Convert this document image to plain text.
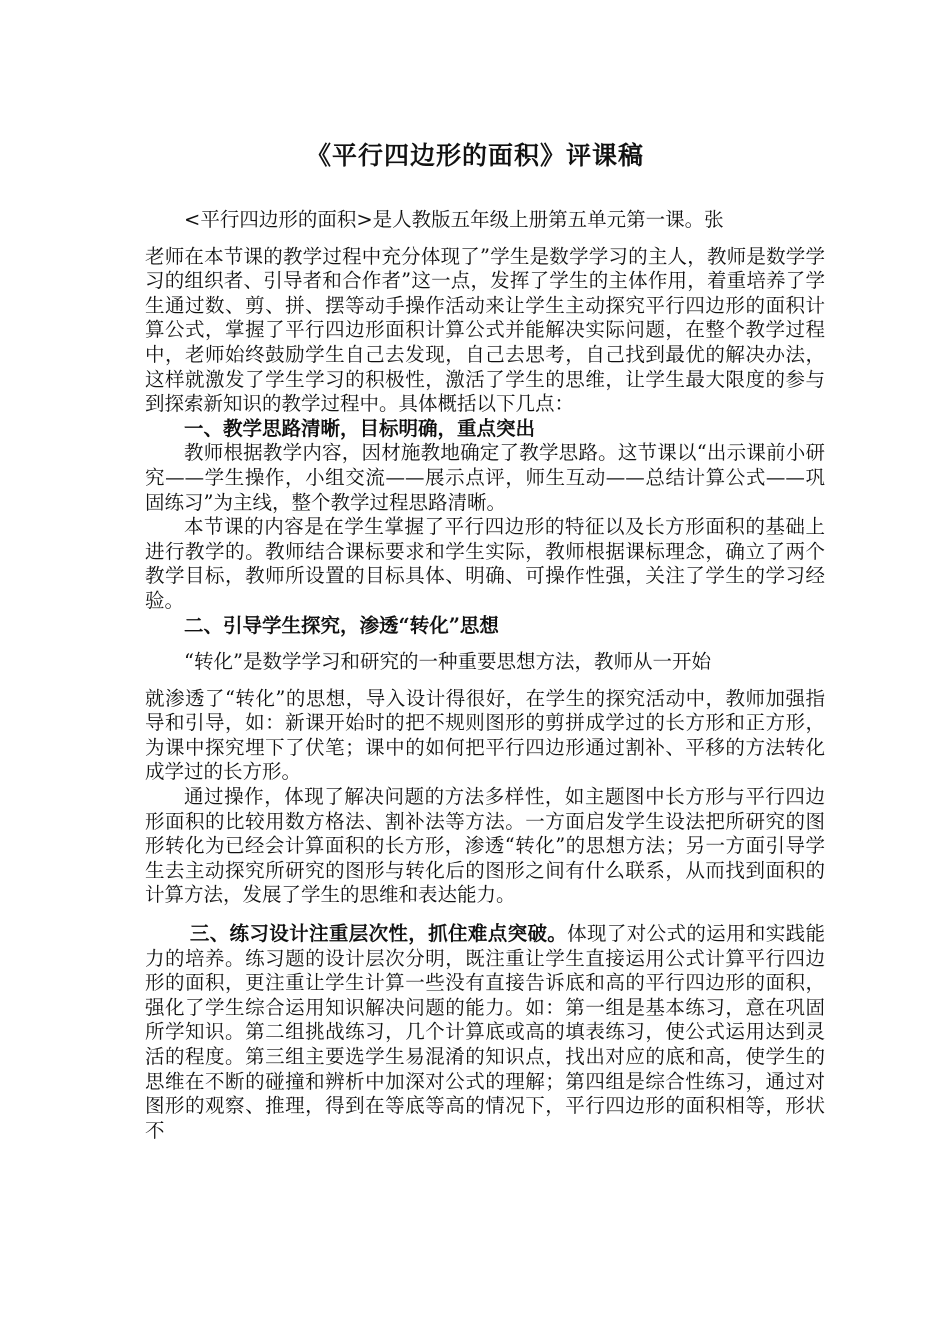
《平行四边形的面积》评课稿

<平行四边形的面积>是人教版五年级上册第五单元第一课。张

老师在本节课的教学过程中充分体现了”学生是数学学习的主人，教师是数学学习的组织者、引导者和合作者”这一点，发挥了学生的主体作用，着重培养了学生通过数、剪、拼、摆等动手操作活动来让学生主动探究平行四边形的面积计算公式，掌握了平行四边形面积计算公式并能解决实际问题，在整个教学过程中，老师始终鼓励学生自己去发现，自己去思考，自己找到最优的解决办法，这样就激发了学生学习的积极性，激活了学生的思维，让学生最大限度的参与到探索新知识的教学过程中。具体概括以下几点：

一、教学思路清晰，目标明确，重点突出

教师根据教学内容，因材施教地确定了教学思路。这节课以“出示课前小研究——学生操作，小组交流——展示点评，师生互动——总结计算公式——巩固练习”为主线，整个教学过程思路清晰。

本节课的内容是在学生掌握了平行四边形的特征以及长方形面积的基础上进行教学的。教师结合课标要求和学生实际，教师根据课标理念，确立了两个教学目标，教师所设置的目标具体、明确、可操作性强，关注了学生的学习经验。

二、引导学生探究，渗透“转化”思想

“转化”是数学学习和研究的一种重要思想方法，教师从一开始

就渗透了“转化”的思想，导入设计得很好，在学生的探究活动中，教师加强指导和引导，如：新课开始时的把不规则图形的剪拼成学过的长方形和正方形，为课中探究埋下了伏笔；课中的如何把平行四边形通过割补、平移的方法转化成学过的长方形。

通过操作，体现了解决问题的方法多样性，如主题图中长方形与平行四边形面积的比较用数方格法、割补法等方法。一方面启发学生设法把所研究的图形转化为已经会计算面积的长方形，渗透“转化”的思想方法；另一方面引导学生去主动探究所研究的图形与转化后的图形之间有什么联系，从而找到面积的计算方法，发展了学生的思维和表达能力。

三、练习设计注重层次性，抓住难点突破。体现了对公式的运用和实践能力的培养。练习题的设计层次分明，既注重让学生直接运用公式计算平行四边形的面积，更注重让学生计算一些没有直接告诉底和高的平行四边形的面积，强化了学生综合运用知识解决问题的能力。如：第一组是基本练习，意在巩固所学知识。第二组挑战练习，几个计算底或高的填表练习，使公式运用达到灵活的程度。第三组主要选学生易混淆的知识点，找出对应的底和高，使学生的思维在不断的碰撞和辨析中加深对公式的理解；第四组是综合性练习，通过对图形的观察、推理，得到在等底等高的情况下，平行四边形的面积相等，形状不
